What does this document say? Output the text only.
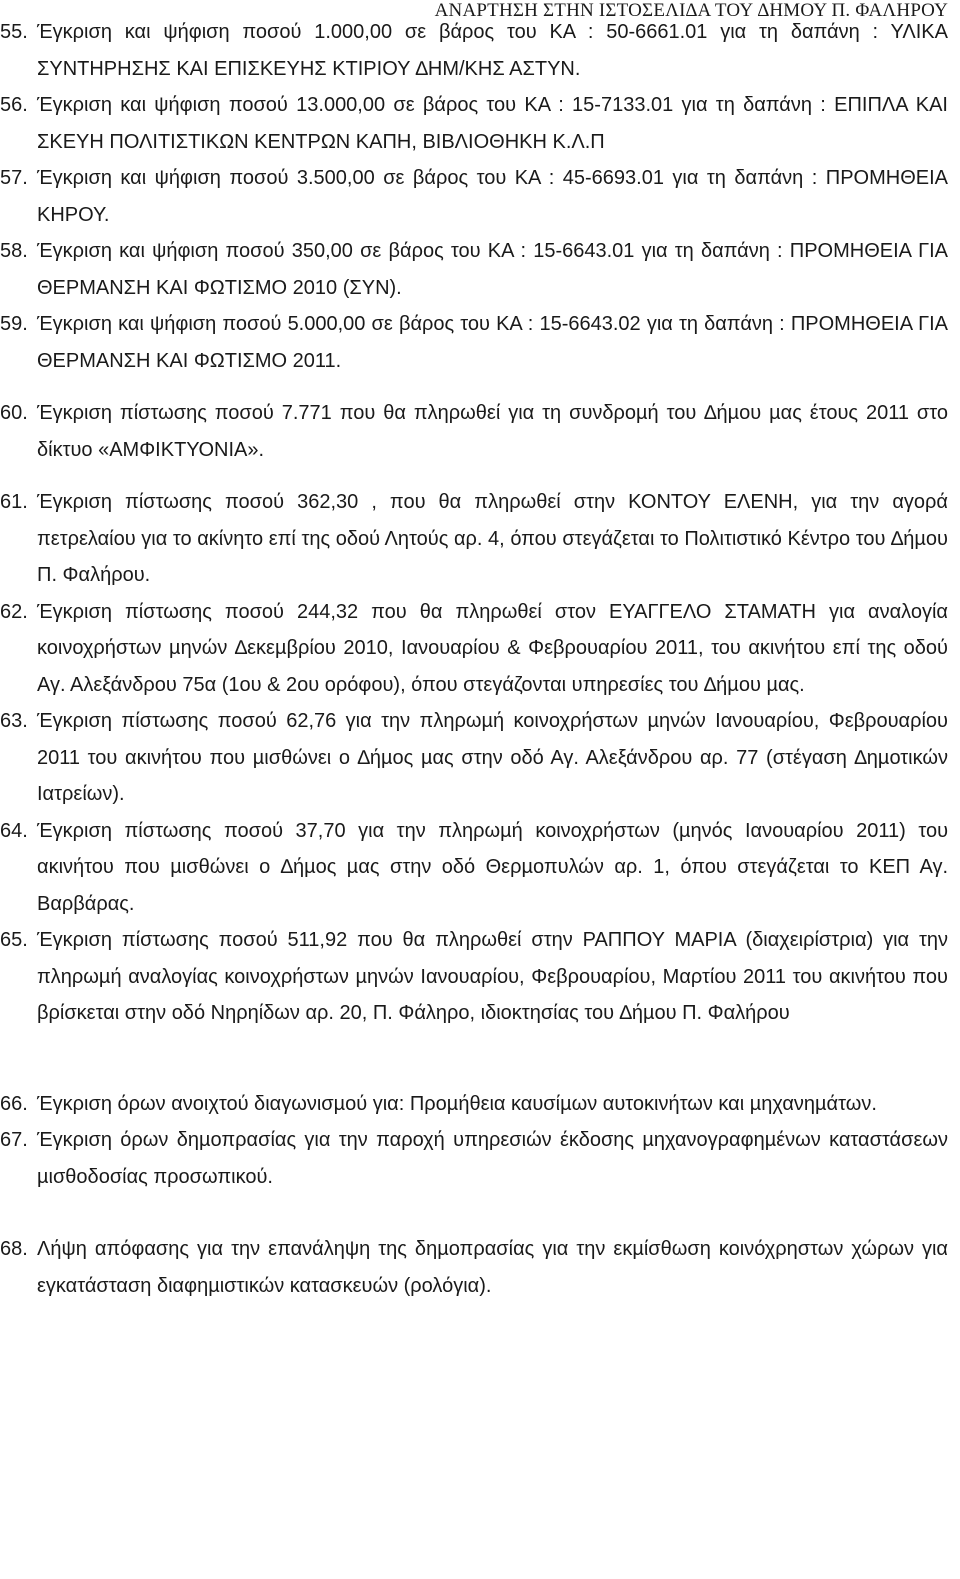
ΑΝΑΡΤΗΣΗ ΣΤΗΝ ΙΣΤΟΣΕΛΙ∆Α ΤΟΥ ∆ΗΜΟΥ Π. ΦΑΛΗΡΟΥ
55. Έγκριση και ψήφιση ποσού 1.000,00 σε βάρος του ΚΑ : 50-6661.01 για τη δαπάνη : ΥΛΙΚΑ ΣΥΝΤΗΡΗΣΗΣ ΚΑΙ ΕΠΙΣΚΕΥΗΣ ΚΤΙΡΙΟΥ ∆ΗΜ/ΚΗΣ ΑΣΤΥΝ.
56. Έγκριση και ψήφιση ποσού 13.000,00 σε βάρος του ΚΑ : 15-7133.01 για τη δαπάνη : ΕΠΙΠΛΑ ΚΑΙ ΣΚΕΥΗ ΠΟΛΙΤΙΣΤΙΚΩΝ ΚΕΝΤΡΩΝ ΚΑΠΗ, ΒΙΒΛΙΟΘΗΚΗ Κ.Λ.Π
57. Έγκριση και ψήφιση ποσού 3.500,00 σε βάρος του ΚΑ : 45-6693.01 για τη δαπάνη : ΠΡΟΜΗΘΕΙΑ ΚΗΡΟΥ.
58. Έγκριση και ψήφιση ποσού 350,00 σε βάρος του ΚΑ : 15-6643.01 για τη δαπάνη : ΠΡΟΜΗΘΕΙΑ ΓΙΑ ΘΕΡΜΑΝΣΗ ΚΑΙ ΦΩΤΙΣΜΟ 2010 (ΣΥΝ).
59. Έγκριση και ψήφιση ποσού 5.000,00 σε βάρος του ΚΑ : 15-6643.02 για τη δαπάνη : ΠΡΟΜΗΘΕΙΑ ΓΙΑ ΘΕΡΜΑΝΣΗ ΚΑΙ ΦΩΤΙΣΜΟ 2011.
60. Έγκριση πίστωσης ποσού 7.771 που θα πληρωθεί για τη συνδροµή του ∆ήµου µας έτους 2011 στο δίκτυο «ΑΜΦΙΚΤΥΟΝΙΑ».
61. Έγκριση πίστωσης ποσού 362,30 , που θα πληρωθεί στην ΚΟΝΤΟΥ ΕΛΕΝΗ, για την αγορά πετρελαίου για το ακίνητο επί της οδού Λητούς αρ. 4, όπου στεγάζεται το Πολιτιστικό Κέντρο του ∆ήµου Π. Φαλήρου.
62. Έγκριση πίστωσης ποσού 244,32 που θα πληρωθεί στον ΕΥΑΓΓΕΛΟ ΣΤΑΜΑΤΗ για αναλογία κοινοχρήστων µηνών ∆εκεµβρίου 2010, Ιανουαρίου & Φεβρουαρίου 2011, του ακινήτου επί της οδού Αγ. Αλεξάνδρου 75α (1ου & 2ου ορόφου), όπου στεγάζονται υπηρεσίες του ∆ήµου µας.
63. Έγκριση πίστωσης ποσού 62,76 για την πληρωµή κοινοχρήστων µηνών Ιανουαρίου, Φεβρουαρίου 2011 του ακινήτου που µισθώνει ο ∆ήµος µας στην οδό Αγ. Αλεξάνδρου αρ. 77 (στέγαση ∆ηµοτικών Ιατρείων).
64. Έγκριση πίστωσης ποσού 37,70 για την πληρωµή κοινοχρήστων (µηνός Ιανουαρίου 2011) του ακινήτου που µισθώνει ο ∆ήµος µας στην οδό Θερµοπυλών αρ. 1, όπου στεγάζεται το ΚΕΠ Αγ. Βαρβάρας.
65. Έγκριση πίστωσης ποσού 511,92 που θα πληρωθεί στην ΡΑΠΠΟΥ ΜΑΡΙΑ (διαχειρίστρια) για την πληρωµή αναλογίας κοινοχρήστων µηνών Ιανουαρίου, Φεβρουαρίου, Μαρτίου 2011 του ακινήτου που βρίσκεται στην οδό Νηρηίδων αρ. 20, Π. Φάληρο, ιδιοκτησίας του ∆ήµου Π. Φαλήρου
66. Έγκριση όρων ανοιχτού διαγωνισµού για: Προµήθεια καυσίµων αυτοκινήτων και µηχανηµάτων.
67. Έγκριση όρων δηµοπρασίας για την παροχή υπηρεσιών έκδοσης µηχανογραφηµένων καταστάσεων µισθοδοσίας προσωπικού.
68. Λήψη απόφασης για την επανάληψη της δηµοπρασίας για την εκµίσθωση κοινόχρηστων χώρων για εγκατάσταση διαφηµιστικών κατασκευών (ρολόγια).
